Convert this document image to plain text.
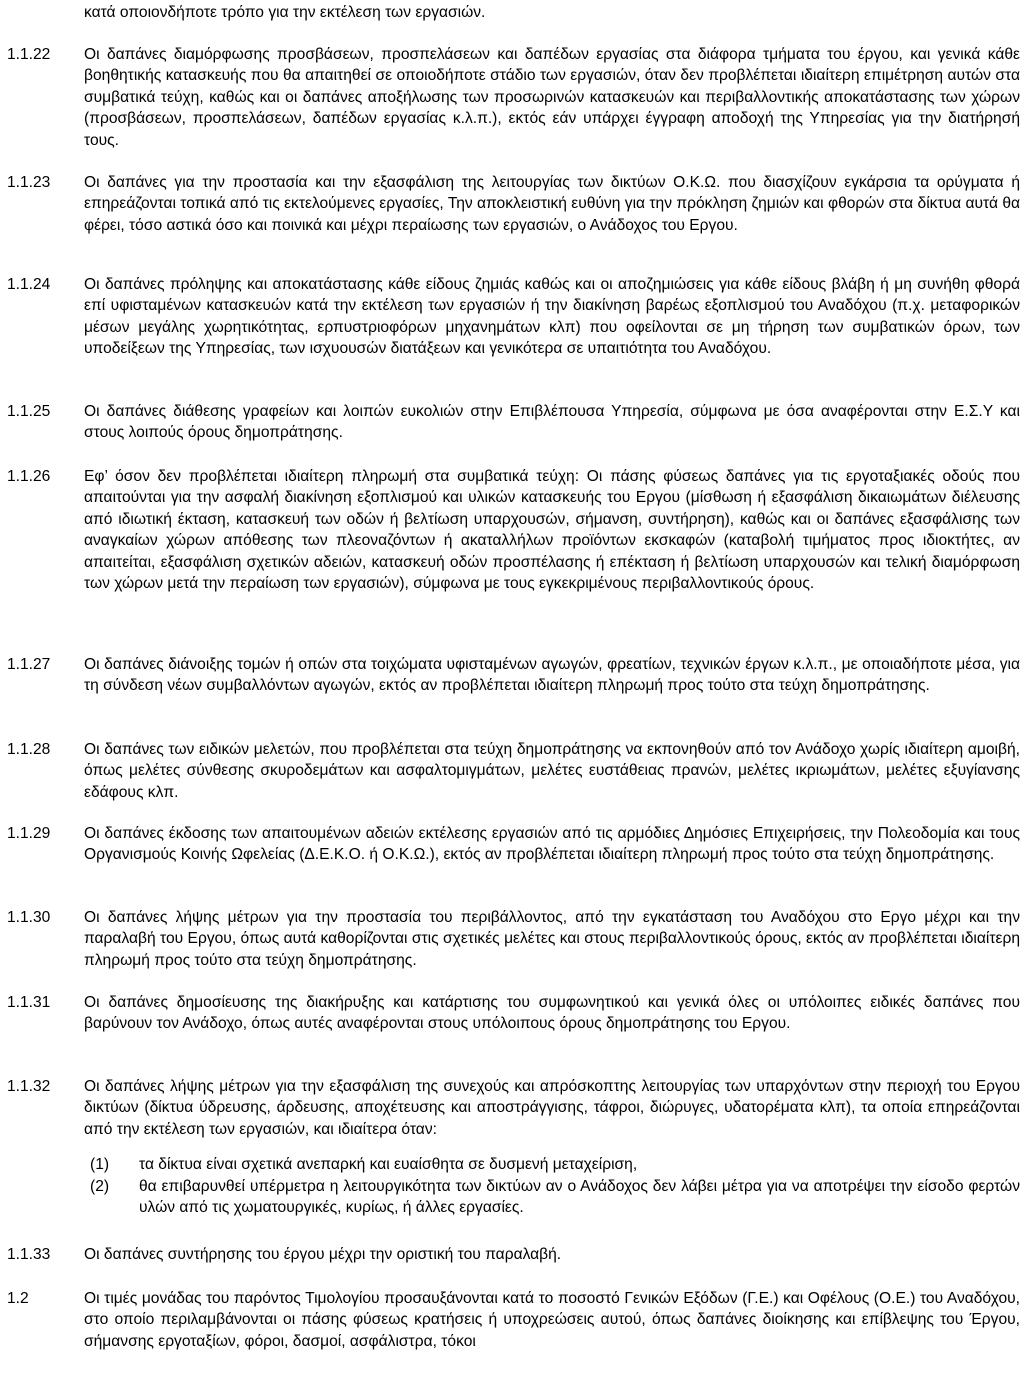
κατά οποιονδήποτε τρόπο για την εκτέλεση των εργασιών.

1.1.22	Οι δαπάνες διαμόρφωσης προσβάσεων, προσπελάσεων και δαπέδων εργασίας στα διάφορα τμήματα του έργου, και γενικά κάθε βοηθητικής κατασκευής που θα απαιτηθεί σε οποιοδήποτε στάδιο των εργασιών, όταν δεν προβλέπεται ιδιαίτερη επιμέτρηση αυτών στα συμβατικά τεύχη, καθώς και οι δαπάνες αποξήλωσης των προσωρινών κατασκευών και περιβαλλοντικής αποκατάστασης των χώρων (προσβάσεων, προσπελάσεων, δαπέδων εργασίας κ.λ.π.), εκτός εάν υπάρχει έγγραφη αποδοχή της Υπηρεσίας για την διατήρησή τους.

1.1.23	Οι δαπάνες για την προστασία και την εξασφάλιση της λειτουργίας των δικτύων Ο.Κ.Ω. που διασχίζουν εγκάρσια τα ορύγματα ή επηρεάζονται τοπικά από τις εκτελούμενες εργασίες, Την αποκλειστική ευθύνη για την πρόκληση ζημιών και φθορών στα δίκτυα αυτά θα φέρει, τόσο αστικά όσο και ποινικά και μέχρι περαίωσης των εργασιών, ο Ανάδοχος του Εργου.

1.1.24	Οι δαπάνες πρόληψης και αποκατάστασης κάθε είδους ζημιάς καθώς και οι αποζημιώσεις για κάθε είδους βλάβη ή μη συνήθη φθορά επί υφισταμένων κατασκευών κατά την εκτέλεση των εργασιών ή την διακίνηση βαρέως εξοπλισμού του Αναδόχου (π.χ. μεταφορικών μέσων μεγάλης χωρητικότητας, ερπυστριοφόρων μηχανημάτων κλπ) που οφείλονται σε μη τήρηση των συμβατικών όρων, των υποδείξεων της Υπηρεσίας, των ισχυουσών διατάξεων και γενικότερα σε υπαιτιότητα του Αναδόχου.

1.1.25	Οι δαπάνες διάθεσης γραφείων και λοιπών ευκολιών στην Επιβλέπουσα Υπηρεσία, σύμφωνα με όσα αναφέρονται στην Ε.Σ.Υ και στους λοιπούς όρους δημοπράτησης.

1.1.26	Εφ’ όσον δεν προβλέπεται ιδιαίτερη πληρωμή στα συμβατικά τεύχη: Οι πάσης φύσεως δαπάνες για τις εργοταξιακές οδούς που απαιτούνται για την ασφαλή διακίνηση εξοπλισμού και υλικών κατασκευής του Εργου (μίσθωση ή εξασφάλιση δικαιωμάτων διέλευσης από ιδιωτική έκταση, κατασκευή των οδών ή βελτίωση υπαρχουσών, σήμανση, συντήρηση), καθώς και οι δαπάνες εξασφάλισης των αναγκαίων χώρων απόθεσης των πλεοναζόντων ή ακαταλλήλων προϊόντων εκσκαφών (καταβολή τιμήματος προς ιδιοκτήτες, αν απαιτείται, εξασφάλιση σχετικών αδειών, κατασκευή οδών προσπέλασης ή επέκταση ή βελτίωση υπαρχουσών και τελική διαμόρφωση των χώρων μετά την περαίωση των εργασιών), σύμφωνα με τους εγκεκριμένους περιβαλλοντικούς όρους.

1.1.27	Οι δαπάνες διάνοιξης τομών ή οπών στα τοιχώματα υφισταμένων αγωγών, φρεατίων, τεχνικών έργων κ.λ.π., με οποιαδήποτε μέσα, για τη σύνδεση νέων συμβαλλόντων αγωγών, εκτός αν προβλέπεται ιδιαίτερη πληρωμή προς τούτο στα τεύχη δημοπράτησης.

1.1.28	Οι δαπάνες των ειδικών μελετών, που προβλέπεται στα τεύχη δημοπράτησης να εκπονηθούν από τον Ανάδοχο χωρίς ιδιαίτερη αμοιβή, όπως μελέτες σύνθεσης σκυροδεμάτων και ασφαλτομιγμάτων, μελέτες ευστάθειας πρανών, μελέτες ικριωμάτων, μελέτες εξυγίανσης εδάφους κλπ.

1.1.29	Οι δαπάνες έκδοσης των απαιτουμένων αδειών εκτέλεσης εργασιών από τις αρμόδιες Δημόσιες Επιχειρήσεις, την Πολεοδομία και τους Οργανισμούς Κοινής Ωφελείας (Δ.Ε.Κ.Ο. ή Ο.Κ.Ω.), εκτός αν προβλέπεται ιδιαίτερη πληρωμή προς τούτο στα τεύχη δημοπράτησης.

1.1.30	Οι δαπάνες λήψης μέτρων για την προστασία του περιβάλλοντος, από την εγκατάσταση του Αναδόχου στο Εργο μέχρι και την παραλαβή του Εργου, όπως αυτά καθορίζονται στις σχετικές μελέτες και στους περιβαλλοντικούς όρους, εκτός αν προβλέπεται ιδιαίτερη πληρωμή προς τούτο στα τεύχη δημοπράτησης.

1.1.31	Οι δαπάνες δημοσίευσης της διακήρυξης και κατάρτισης του συμφωνητικού και γενικά όλες οι υπόλοιπες ειδικές δαπάνες που βαρύνουν τον Ανάδοχο, όπως αυτές αναφέρονται στους υπόλοιπους όρους δημοπράτησης του Εργου.

1.1.32	Οι δαπάνες λήψης μέτρων για την εξασφάλιση της συνεχούς και απρόσκοπτης λειτουργίας των υπαρχόντων στην περιοχή του Εργου δικτύων (δίκτυα ύδρευσης, άρδευσης, αποχέτευσης και αποστράγγισης, τάφροι, διώρυγες, υδατορέματα κλπ), τα οποία επηρεάζονται από την εκτέλεση των εργασιών, και ιδιαίτερα όταν:

(1) τα δίκτυα είναι σχετικά ανεπαρκή και ευαίσθητα σε δυσμενή μεταχείριση,

(2) θα επιβαρυνθεί υπέρμετρα η λειτουργικότητα των δικτύων αν ο Ανάδοχος δεν λάβει μέτρα για να αποτρέψει την είσοδο φερτών υλών από τις χωματουργικές, κυρίως, ή άλλες εργασίες.

1.1.33	Οι δαπάνες συντήρησης του έργου μέχρι την οριστική του παραλαβή.

1.2	Οι τιμές μονάδας του παρόντος Τιμολογίου προσαυξάνονται κατά το ποσοστό Γενικών Εξόδων (Γ.Ε.) και Οφέλους (Ο.Ε.) του Αναδόχου, στο οποίο περιλαμβάνονται οι πάσης φύσεως κρατήσεις ή υποχρεώσεις αυτού, όπως δαπάνες διοίκησης και επίβλεψης του Έργου, σήμανσης εργοταξίων, φόροι, δασμοί, ασφάλιστρα, τόκοι
